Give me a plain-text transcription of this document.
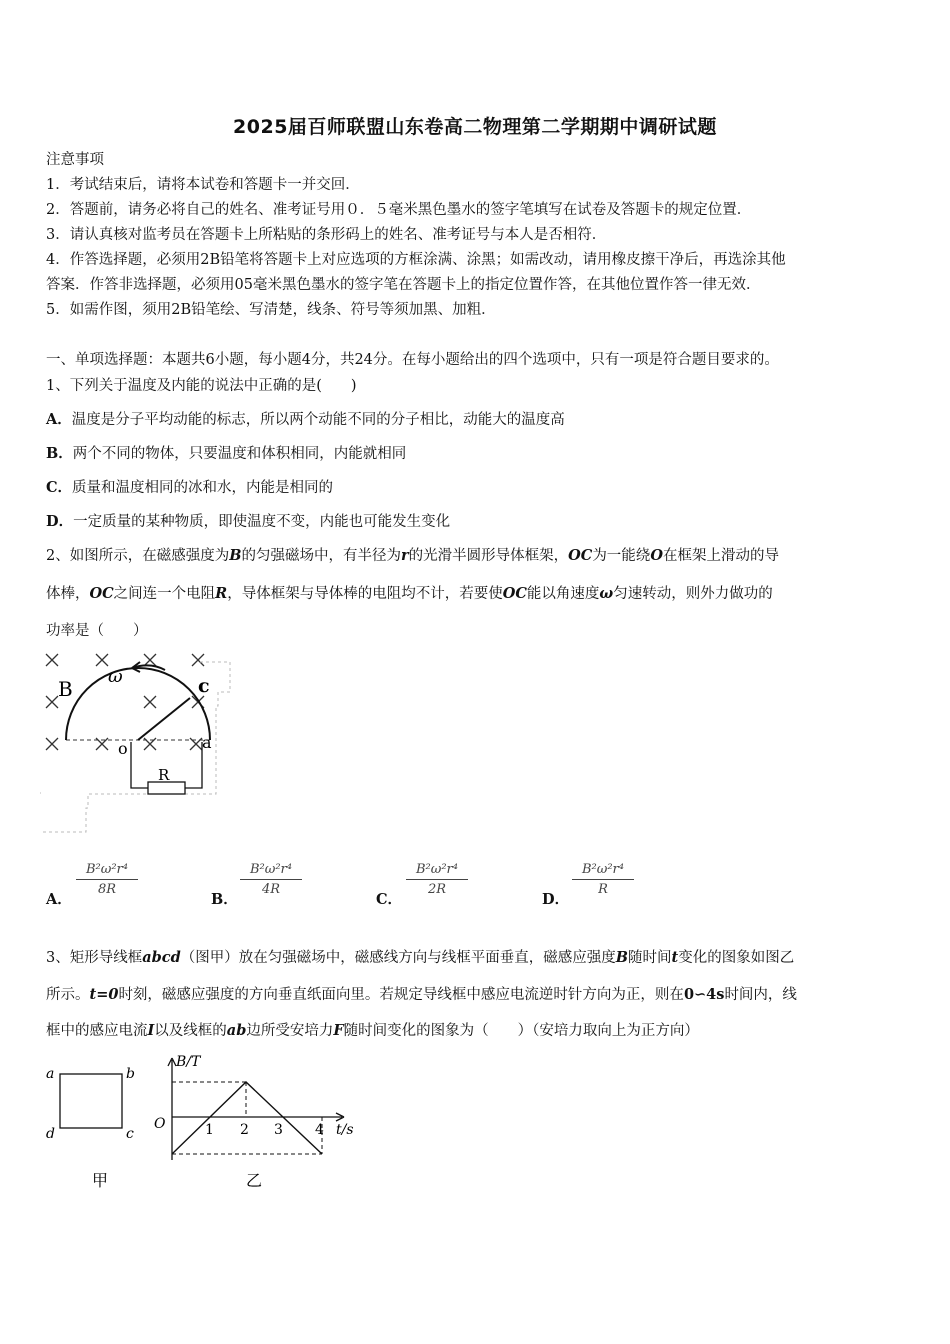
2025届百师联盟山东卷高二物理第二学期期中调研试题
注意事项
1．考试结束后，请将本试卷和答题卡一并交回．
2．答题前，请务必将自己的姓名、准考证号用０．５毫米黑色墨水的签字笔填写在试卷及答题卡的规定位置．
3．请认真核对监考员在答题卡上所粘贴的条形码上的姓名、准考证号与本人是否相符．
4．作答选择题，必须用2B铅笔将答题卡上对应选项的方框涂满、涂黑；如需改动，请用橡皮擦干净后，再选涂其他
答案．作答非选择题，必须用05毫米黑色墨水的签字笔在答题卡上的指定位置作答，在其他位置作答一律无效．
5．如需作图，须用2B铅笔绘、写清楚，线条、符号等须加黑、加粗．
一、单项选择题：本题共6小题，每小题4分，共24分。在每小题给出的四个选项中，只有一项是符合题目要求的。
1、下列关于温度及内能的说法中正确的是(　　)
A．温度是分子平均动能的标志，所以两个动能不同的分子相比，动能大的温度高
B．两个不同的物体，只要温度和体积相同，内能就相同
C．质量和温度相同的冰和水，内能是相同的
D．一定质量的某种物质，即使温度不变，内能也可能发生变化
2、如图所示，在磁感强度为B的匀强磁场中，有半径为r的光滑半圆形导体框架，OC为一能绕O在框架上滑动的导
体棒，OC之间连一个电阻R，导体框架与导体棒的电阻均不计，若要使OC能以角速度ω匀速转动，则外力做功的
功率是（　　）
B
ω	c
o	a
R
A．
$\frac{\text{B²ω²r⁴}}{8R}$
B．
$\frac{\text{B²ω²r⁴}}{4R}$
C．
$\frac{\text{B²ω²r⁴}}{2R}$
D．
$\frac{\text{B²ω²r⁴}}{R}$
3、矩形导线框abcd（图甲）放在匀强磁场中，磁感线方向与线框平面垂直，磁感应强度B随时间t变化的图象如图乙
所示。t=0时刻，磁感应强度的方向垂直纸面向里。若规定导线框中感应电流逆时针方向为正，则在0∽4s时间内，线
框中的感应电流I以及线框的ab边所受安培力F随时间变化的图象为（　　）（安培力取向上为正方向）
a	b
d	c
甲
B/T
t/s
O	1 2 3 4
乙
